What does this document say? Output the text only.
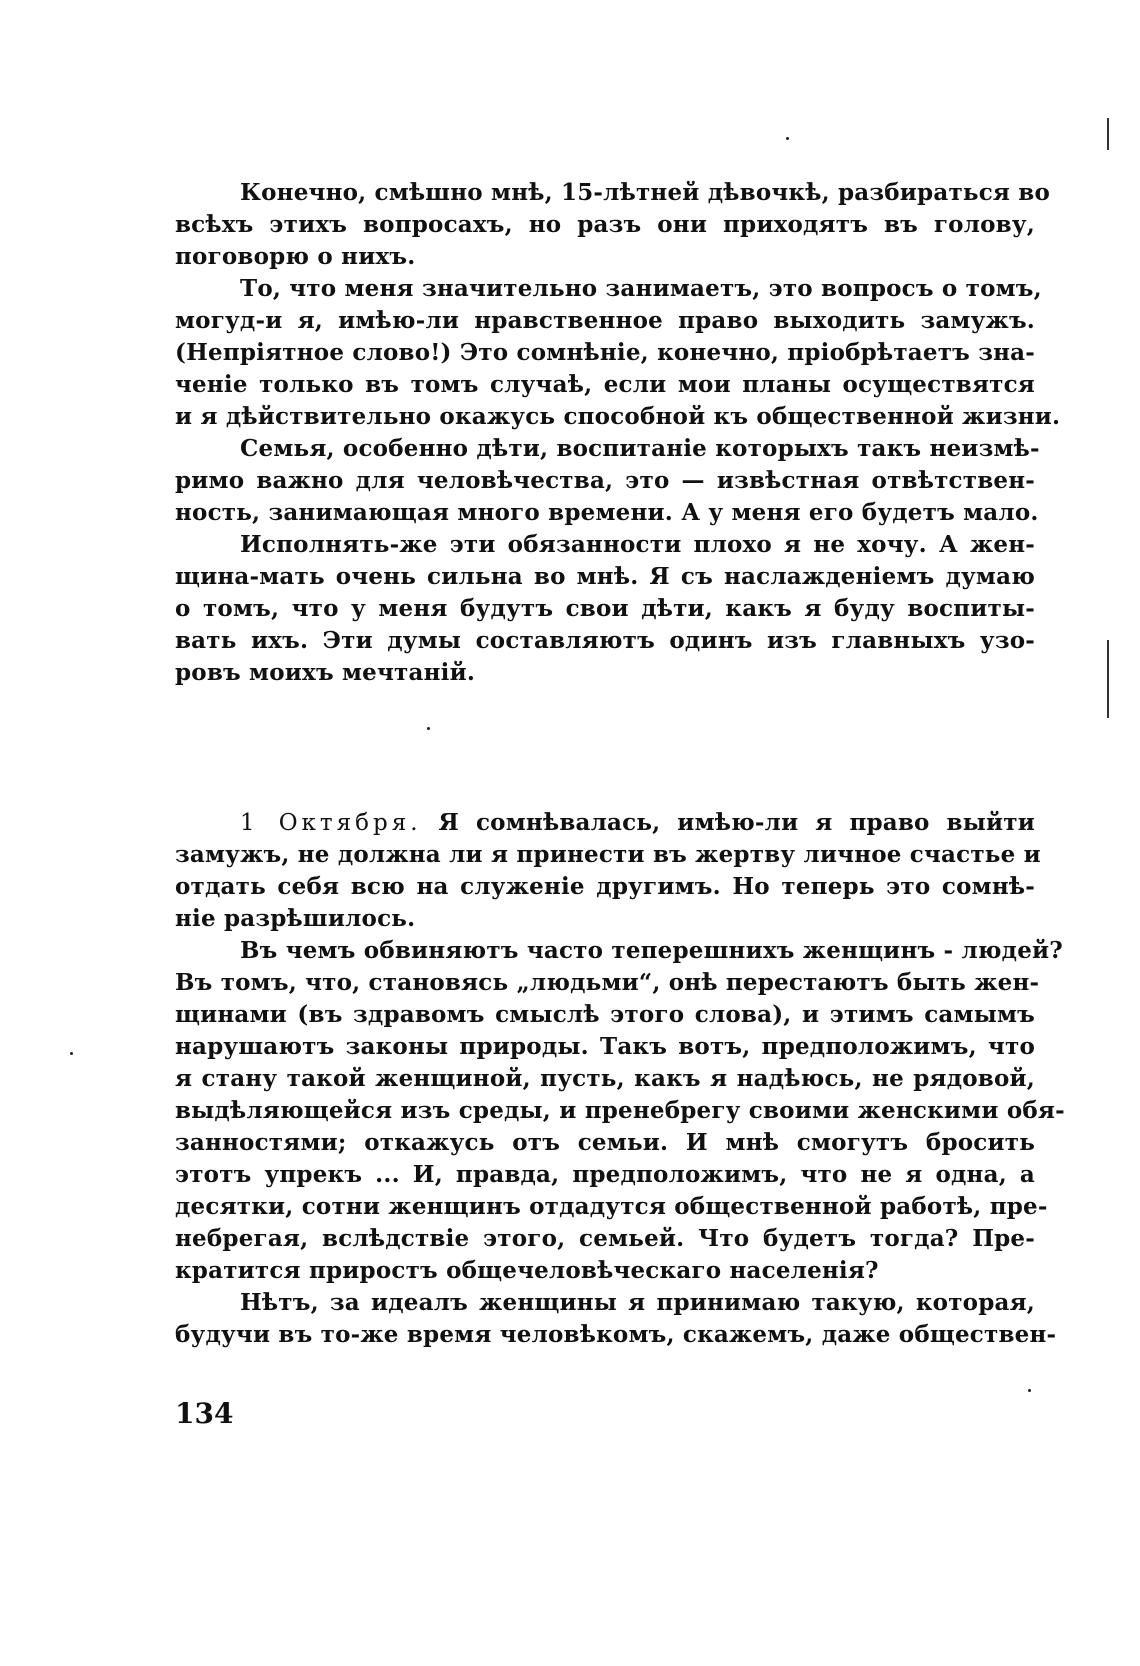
Конечно, смѣшно мнѣ, 15-лѣтней дѣвочкѣ, разбираться во
всѣхъ этихъ вопросахъ, но разъ они приходятъ въ голову,
поговорю о нихъ.
То, что меня значительно занимаетъ, это вопросъ о томъ,
могуд-и я, имѣю-ли нравственное право выходить замужъ.
(Непріятное слово!) Это сомнѣніе, конечно, пріобрѣтаетъ зна-
ченіе только въ томъ случаѣ, если мои планы осуществятся
и я дѣйствительно окажусь способной къ общественной жизни.
Семья, особенно дѣти, воспитаніе которыхъ такъ неизмѣ-
римо важно для человѣчества, это — извѣстная отвѣтствен-
ность, занимающая много времени. А у меня его будетъ мало.
Исполнять-же эти обязанности плохо я не хочу. А жен-
щина-мать очень сильна во мнѣ. Я съ наслажденіемъ думаю
о томъ, что у меня будутъ свои дѣти, какъ я буду воспиты-
вать ихъ. Эти думы составляютъ одинъ изъ главныхъ узо-
ровъ моихъ мечтаній.
1 Октября. Я сомнѣвалась, имѣю-ли я право выйти
замужъ, не должна ли я принести въ жертву личное счастье и
отдать себя всю на служеніе другимъ. Но теперь это сомнѣ-
ніе разрѣшилось.
Въ чемъ обвиняютъ часто теперешнихъ женщинъ - людей?
Въ томъ, что, становясь „людьми“, онѣ перестаютъ быть жен-
щинами (въ здравомъ смыслѣ этого слова), и этимъ самымъ
нарушаютъ законы природы. Такъ вотъ, предположимъ, что
я стану такой женщиной, пусть, какъ я надѣюсь, не рядовой,
выдѣляющейся изъ среды, и пренебрегу своими женскими обя-
занностями; откажусь отъ семьи. И мнѣ смогутъ бросить
этотъ упрекъ ... И, правда, предположимъ, что не я одна, а
десятки, сотни женщинъ отдадутся общественной работѣ, пре-
небрегая, вслѣдствіе этого, семьей. Что будетъ тогда? Пре-
кратится приростъ общечеловѣческаго населенія?
Нѣтъ, за идеалъ женщины я принимаю такую, которая,
будучи въ то-же время человѣкомъ, скажемъ, даже обществен-
134
